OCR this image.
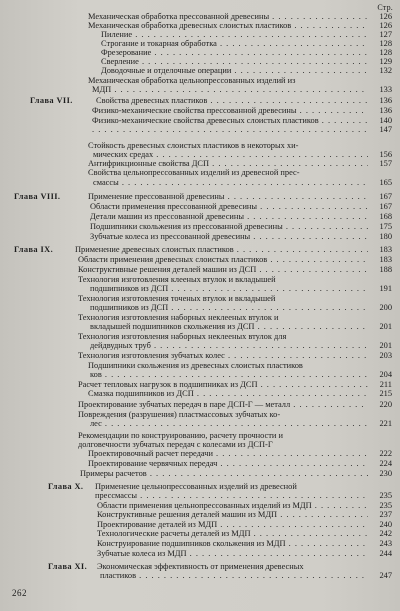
Стр.
Механическая обработка прессованной древесины . . .	126
Механическая обработка древесных слоистых пластиков . . .	126
Пиление . . .	127
Строгание и токарная обработка . . .	128
Фрезерование . . .	128
Сверление . . .	129
Доводочные и отделочные операции . . .	132
Механическая обработка цельнопрессованных изделий из
МДП . . .	133
Глава VII.	Свойства древесных пластиков . . .	136
Физико-механические свойства прессованной древесины . . .	136
Физико-механические свойства древесных слоистых пластиков . . .	140
. . .
147
Стойкость древесных слоистых пластиков в некоторых хи-
мических средах . . .	156
Антифрикционные свойства ДСП . . .	157
Свойства цельнопрессованных изделий из древесной прес-
смассы . . .	165
Глава VIII.	Применение прессованной древесины . . .	167
Области применения прессованной древесины . . .	167
Детали машин из прессованной древесины . . .	168
Подшипники скольжения из прессованной древесины . . .	175
Зубчатые колеса из прессованной древесины . . .	180
Глава IX.	Применение древесных слоистых пластиков . . .	183
Области применения древесных слоистых пластиков . . .	183
Конструктивные решения деталей машин из ДСП . . .	188
Технология изготовления клееных втулок и вкладышей
подшипников из ДСП . . .	191
Технология изготовления точеных втулок и вкладышей
подшипников из ДСП . . .	200
Технология изготовления наборных неклееных втулок и
вкладышей подшипников скольжения из ДСП . . .	201
Технология изготовления наборных неклееных втулок для
дейдвудных труб . . .	201
Технология изготовления зубчатых колес . . .	203
Подшипники скольжения из древесных слоистых пластиков
ков . . .	204
Расчет тепловых нагрузок в подшипниках из ДСП . . .	211
Смазка подшипников из ДСП . . .	215
Проектирование зубчатых передач в паре ДСП-Г — металл . . .	220
Повреждения (разрушения) пластмассовых зубчатых ко-
лес . . .	221
Рекомендации по конструированию, расчету прочности и
долговечности зубчатых передач с колесами из ДСП-Г
Проектировочный расчет передачи . . .	222
Проектирование червячных передач . . .	224
Примеры расчетов . . .	230
Глава X. Применение цельнопрессованных изделий из древесной
прессмассы . . .	235
Области применения цельнопрессованных изделий из МДП . . .	235
Конструктивные решения деталей машин из МДП . . .	237
Проектирование деталей из МДП . . .	240
Технологические расчеты деталей из МДП . . .	242
Конструирование подшипников скольжения из МДП . . .	243
Зубчатые колеса из МДП . . .	244
Глава XI. Экономическая эффективность от применения древесных
пластиков . . .	247
262
